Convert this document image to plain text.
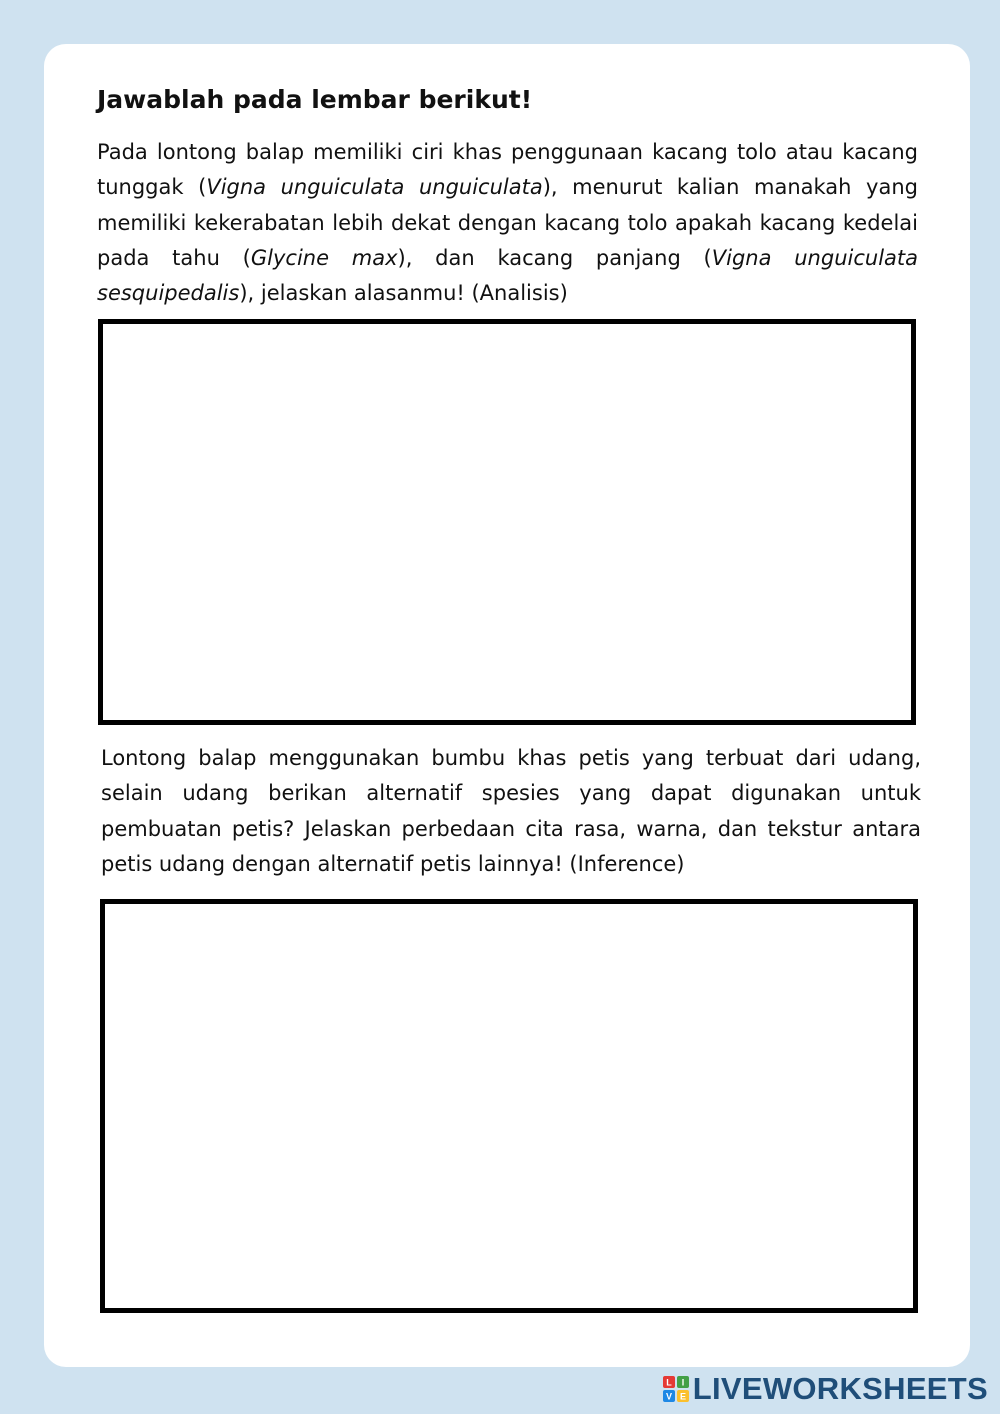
Jawablah pada lembar berikut!

Pada lontong balap memiliki ciri khas penggunaan kacang tolo atau kacang tunggak (Vigna unguiculata unguiculata), menurut kalian manakah yang memiliki kekerabatan lebih dekat dengan kacang tolo apakah kacang kedelai pada tahu (Glycine max), dan kacang panjang (Vigna unguiculata sesquipedalis), jelaskan alasanmu! (Analisis)

Lontong balap menggunakan bumbu khas petis yang terbuat dari udang, selain udang berikan alternatif spesies yang dapat digunakan untuk pembuatan petis? Jelaskan perbedaan cita rasa, warna, dan tekstur antara petis udang dengan alternatif petis lainnya! (Inference)

L I
V E LIVEWORKSHEETS
